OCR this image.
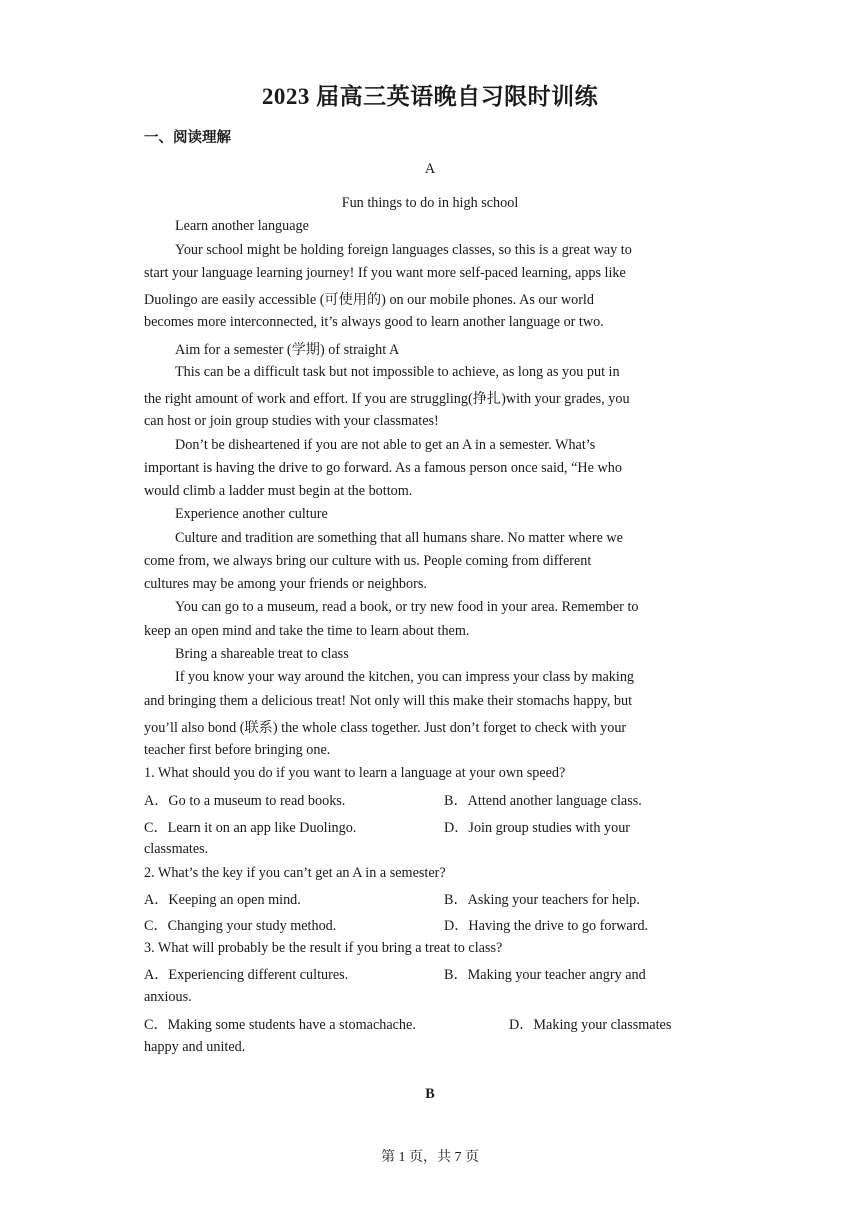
2023 届高三英语晚自习限时训练
一、阅读理解
A
Fun things to do in high school
Learn another language
Your school might be holding foreign languages classes, so this is a great way to
start your language learning journey! If you want more self-paced learning, apps like
Duolingo are easily accessible (可使用的) on our mobile phones. As our world
becomes more interconnected, it’s always good to learn another language or two.
Aim for a semester (学期) of straight A
This can be a difficult task but not impossible to achieve, as long as you put in
the right amount of work and effort. If you are struggling(挣扎)with your grades, you
can host or join group studies with your classmates!
Don’t be disheartened if you are not able to get an A in a semester. What’s
important is having the drive to go forward. As a famous person once said, “He who
would climb a ladder must begin at the bottom.
Experience another culture
Culture and tradition are something that all humans share. No matter where we
come from, we always bring our culture with us. People coming from different
cultures may be among your friends or neighbors.
You can go to a museum, read a book, or try new food in your area. Remember to
keep an open mind and take the time to learn about them.
Bring a shareable treat to class
If you know your way around the kitchen, you can impress your class by making
and bringing them a delicious treat! Not only will this make their stomachs happy, but
you’ll also bond (联系) the whole class together. Just don’t forget to check with your
teacher first before bringing one.
1. What should you do if you want to learn a language at your own speed?
A．Go to a museum to read books.	B．Attend another language class.
C．Learn it on an app like Duolingo.	D．Join group studies with your
classmates.
2. What’s the key if you can’t get an A in a semester?
A．Keeping an open mind.	B．Asking your teachers for help.
C．Changing your study method.	D．Having the drive to go forward.
3. What will probably be the result if you bring a treat to class?
A．Experiencing different cultures.	B．Making your teacher angry and
anxious.
C．Making some students have a stomachache.	D．Making your classmates
happy and united.
B
第 1 页，共 7 页
